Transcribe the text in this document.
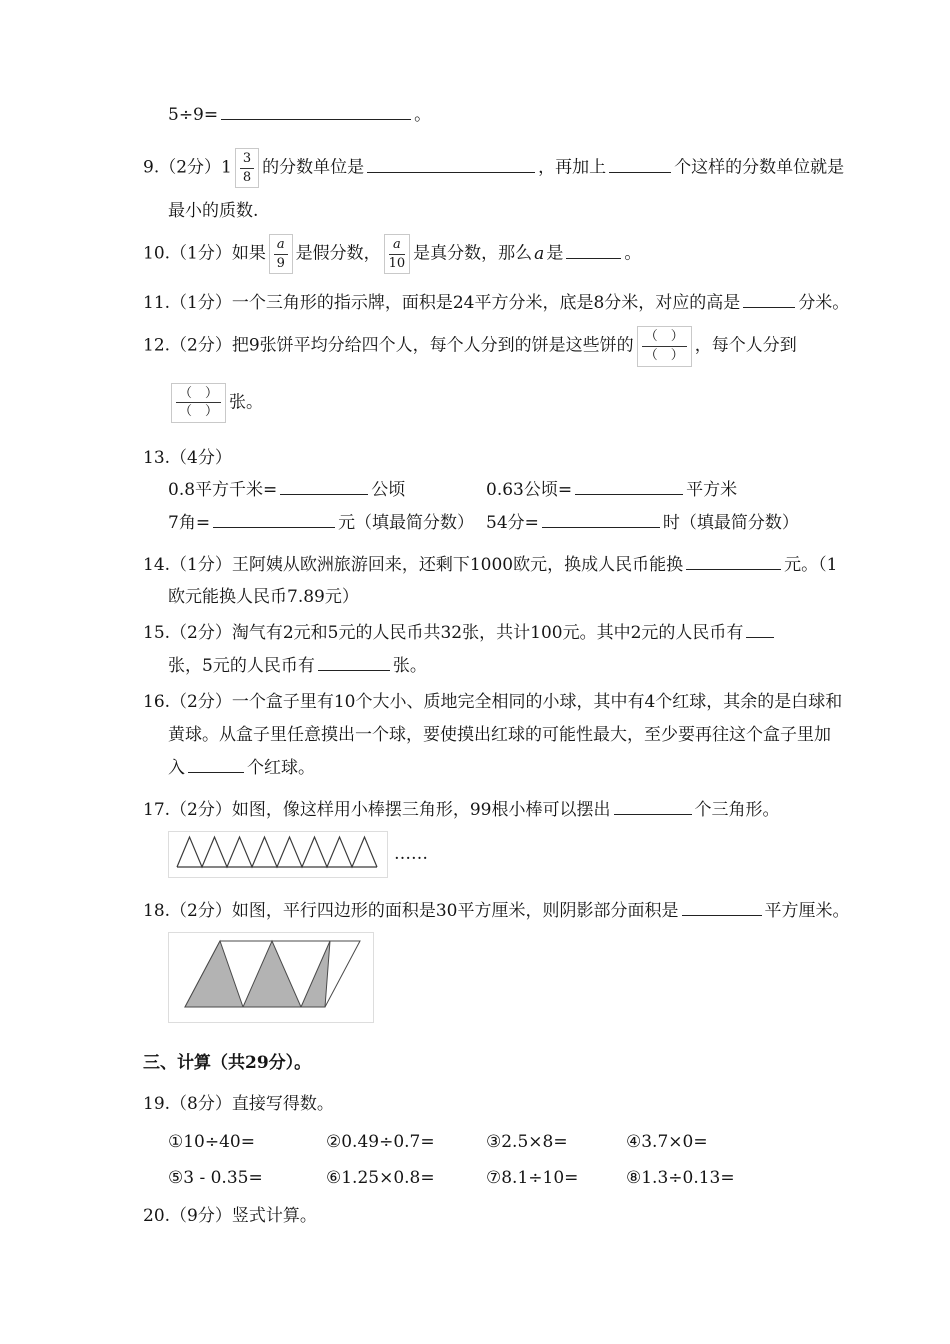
5÷9=	。
9.（2分）$1 \frac{3}{8}$ 的分数单位是	，再加上	个这样的分数单位就是
最小的质数.
10.（1分）如果 $\frac{a}{9}$ 是假分数， $\frac{a}{10}$ 是真分数，那么 a 是	。
11.（1分）一个三角形的指示牌，面积是24平方分米，底是8分米，对应的高是	分米。
12.（2分）把9张饼平均分给四个人，每个人分到的饼是这些饼的 $\frac{( )}{( )}$ ，每个人分到
$\frac{( )}{( )}$ 张。
13.（4分）
0.8平方千米=	公顷	0.63公顷=	平方米
7角=	元（填最简分数） 54分=	时（填最简分数）
14.（1分）王阿姨从欧洲旅游回来，还剩下1000欧元，换成人民币能换	元。（1
欧元能换人民币7.89元）
15.（2分）淘气有2元和5元的人民币共32张，共计100元。其中2元的人民币有
张，5元的人民币有	张。
16.（2分）一个盒子里有10个大小、质地完全相同的小球，其中有4个红球，其余的是白球和
黄球。从盒子里任意摸出一个球，要使摸出红球的可能性最大，至少要再往这个盒子里加
入	个红球。
17.（2分）如图，像这样用小棒摆三角形，99根小棒可以摆出	个三角形。
……
18.（2分）如图，平行四边形的面积是30平方厘米，则阴影部分面积是	平方厘米。
三、计算（共29分）。
19.（8分）直接写得数。
①10÷40=	②0.49÷0.7=	③2.5×8=	④3.7×0=
⑤3 - 0.35=	⑥1.25×0.8=	⑦8.1÷10=	⑧1.3÷0.13=
20.（9分）竖式计算。
